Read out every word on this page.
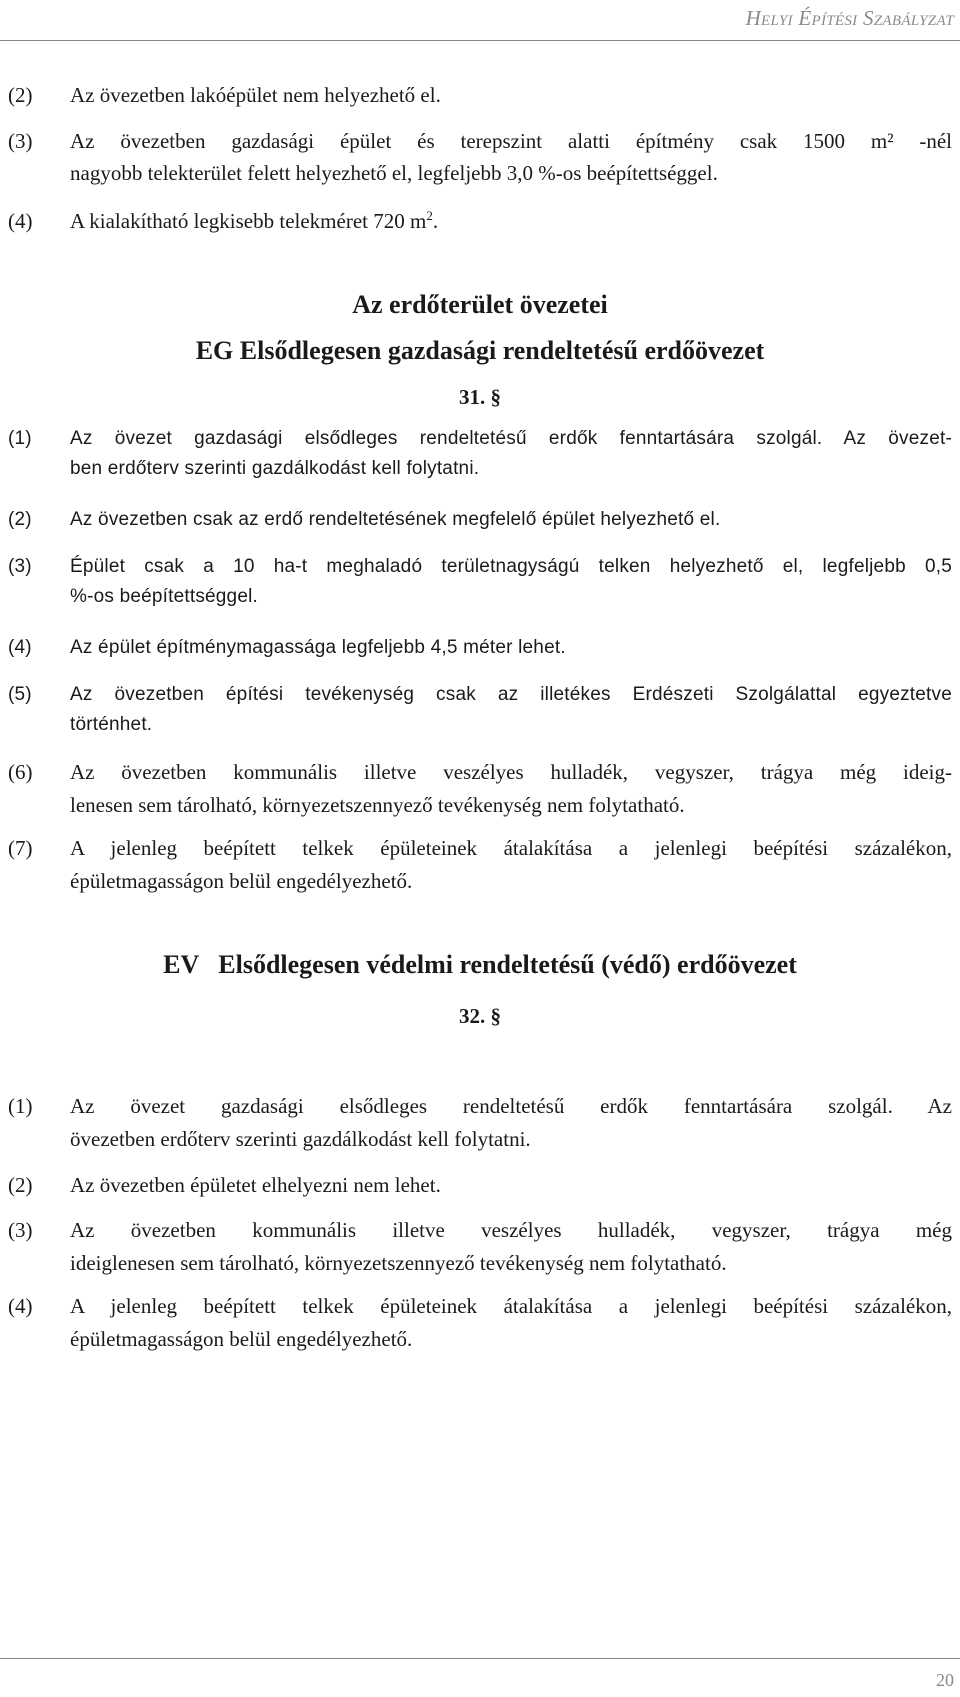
Helyi Építési Szabályzat

(2) Az övezetben lakóépület nem helyezhető el.

(3) Az övezetben gazdasági épület és terepszint alatti építmény csak 1500 m² -nél
nagyobb telekterület felett helyezhető el, legfeljebb 3,0 %-os beépítettséggel.

(4) A kialakítható legkisebb telekméret 720 $m^2$.

Az erdőterület övezetei
EG Elsődlegesen gazdasági rendeltetésű erdőövezet
31. §
(1) Az övezet gazdasági elsődleges rendeltetésű erdők fenntartására szolgál. Az övezet-
ben erdőterv szerinti gazdálkodást kell folytatni.
(2) Az övezetben csak az erdő rendeltetésének megfelelő épület helyezhető el.
(3) Épület csak a 10 ha-t meghaladó területnagyságú telken helyezhető el, legfeljebb 0,5
%-os beépítettséggel.
(4) Az épület építménymagassága legfeljebb 4,5 méter lehet.
(5) Az övezetben építési tevékenység csak az illetékes Erdészeti Szolgálattal egyeztetve
történhet.
(6) Az övezetben kommunális illetve veszélyes hulladék, vegyszer, trágya még ideig-
lenesen sem tárolható, környezetszennyező tevékenység nem folytatható.
(7) A jelenleg beépített telkek épületeinek átalakítása a jelenlegi beépítési százalékon,
épületmagasságon belül engedélyezhető.
EV   Elsődlegesen védelmi rendeltetésű (védő) erdőövezet
32. §
(1) Az övezet gazdasági elsődleges rendeltetésű erdők fenntartására szolgál. Az
övezetben erdőterv szerinti gazdálkodást kell folytatni.
(2) Az övezetben épületet elhelyezni nem lehet.
(3) Az övezetben kommunális illetve veszélyes hulladék, vegyszer, trágya még
ideiglenesen sem tárolható, környezetszennyező tevékenység nem folytatható.
(4) A jelenleg beépített telkek épületeinek átalakítása a jelenlegi beépítési százalékon,
épületmagasságon belül engedélyezhető.
20
